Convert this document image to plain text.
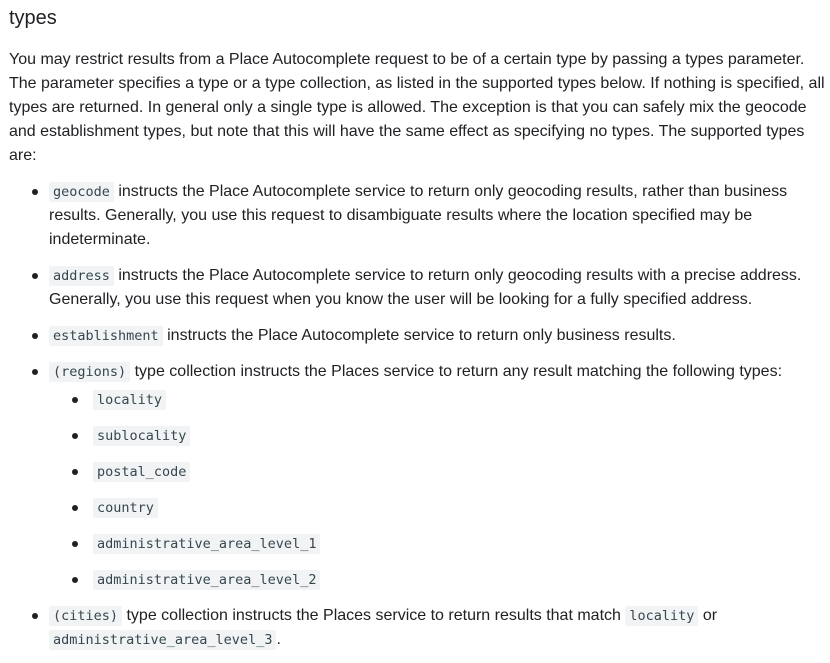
types

You may restrict results from a Place Autocomplete request to be of a certain type by passing a types parameter. The parameter specifies a type or a type collection, as listed in the supported types below. If nothing is specified, all types are returned. In general only a single type is allowed. The exception is that you can safely mix the geocode and establishment types, but note that this will have the same effect as specifying no types. The supported types are:

geocode instructs the Place Autocomplete service to return only geocoding results, rather than business results. Generally, you use this request to disambiguate results where the location specified may be indeterminate.
address instructs the Place Autocomplete service to return only geocoding results with a precise address. Generally, you use this request when you know the user will be looking for a fully specified address.
establishment instructs the Place Autocomplete service to return only business results.
(regions) type collection instructs the Places service to return any result matching the following types:
locality
sublocality
postal_code
country
administrative_area_level_1
administrative_area_level_2
(cities) type collection instructs the Places service to return results that match locality or administrative_area_level_3 .
